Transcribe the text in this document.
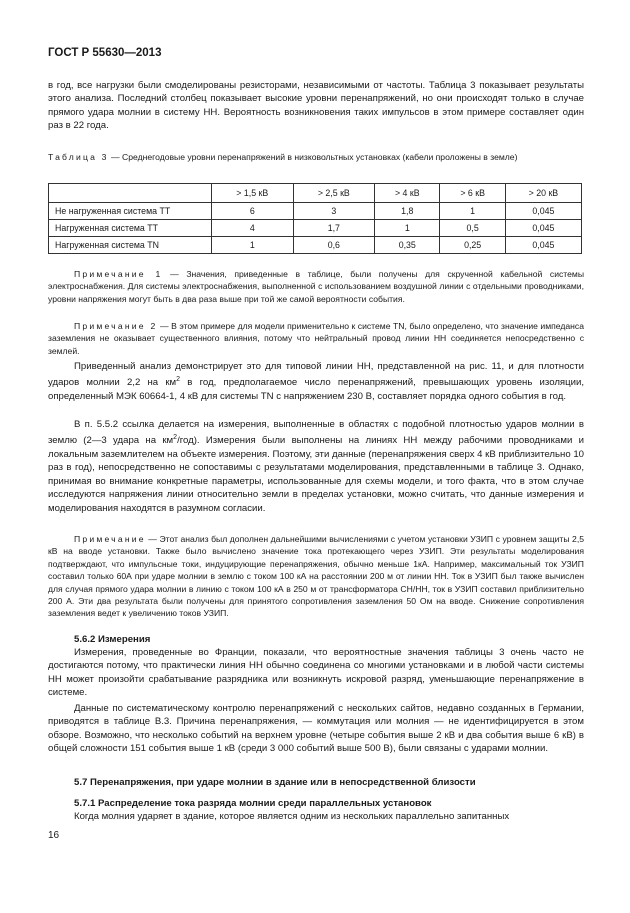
ГОСТ Р 55630—2013

в год, все нагрузки были смоделированы резисторами, независимыми от частоты. Таблица 3 показывает результаты этого анализа. Последний столбец показывает высокие уровни перенапряжений, но они происходят только в случае прямого удара молнии в систему НН. Вероятность возникновения таких импульсов в этом примере составляет один раз в 22 года.

Таблица 3 — Среднегодовые уровни перенапряжений в низковольтных установках (кабели проложены в земле)

	> 1,5 кВ	> 2,5 кВ	> 4 кВ	> 6 кВ	> 20 кВ
Не нагруженная система ТТ	6	3	1,8	1	0,045
Нагруженная система ТТ	4	1,7	1	0,5	0,045
Нагруженная система TN	1	0,6	0,35	0,25	0,045

Примечание 1 — Значения, приведенные в таблице, были получены для скрученной кабельной системы электроснабжения. Для системы электроснабжения, выполненной с использованием воздушной линии с отдельными проводниками, уровни напряжения могут быть в два раза выше при той же самой вероятности события.

Примечание 2 — В этом примере для модели применительно к системе TN, было определено, что значение импеданса заземления не оказывает существенного влияния, потому что нейтральный провод линии НН соединяется непосредственно с землей.

Приведенный анализ демонстрирует это для типовой линии НН, представленной на рис. 11, и для плотности ударов молнии 2,2 на $км^2$ в год, предполагаемое число перенапряжений, превышающих уровень изоляции, определенный МЭК 60664-1, 4 кВ для системы TN с напряжением 230 В, составляет порядка одного события в год.

В п. 5.5.2 ссылка делается на измерения, выполненные в областях с подобной плотностью ударов молнии в землю (2—3 удара на $км^2/год$). Измерения были выполнены на линиях НН между рабочими проводниками и локальным заземлителем на объекте измерения. Поэтому, эти данные (перенапряжения сверх 4 кВ приблизительно 10 раз в год), непосредственно не сопоставимы с результатами моделирования, представленными в таблице 3. Однако, принимая во внимание конкретные параметры, использованные для схемы модели, и того факта, что в этом случае исследуются напряжения линии относительно земли в пределах установки, можно считать, что данные измерения и моделирования находятся в разумном согласии.

Примечание — Этот анализ был дополнен дальнейшими вычислениями с учетом установки УЗИП с уровнем защиты 2,5 кВ на вводе установки. Также было вычислено значение тока протекающего через УЗИП. Эти результаты моделирования подтверждают, что импульсные токи, индуцирующие перенапряжения, обычно меньше 1кА. Например, максимальный ток УЗИП составил только 60А при ударе молнии в землю с током 100 кА на расстоянии 200 м от линии НН. Ток в УЗИП был также вычислен для случая прямого удара молнии в линию с током 100 кА в 250 м от трансформатора СН/НН, ток в УЗИП составил приблизительно 200 А. Эти два результата были получены для принятого сопротивления заземления 50 Ом на вводе. Снижение сопротивления заземления ведет к увеличению токов УЗИП.

5.6.2 Измерения

Измерения, проведенные во Франции, показали, что вероятностные значения таблицы 3 очень часто не достигаются потому, что практически линия НН обычно соединена со многими установками и в любой части системы НН может произойти срабатывание разрядника или возникнуть искровой разряд, уменьшающие перенапряжение в системе.

Данные по систематическому контролю перенапряжений с нескольких сайтов, недавно созданных в Германии, приводятся в таблице В.3. Причина перенапряжения, — коммутация или молния — не идентифицируется в этом обзоре. Возможно, что несколько событий на верхнем уровне (четыре события выше 2 кВ и два события выше 6 кВ) в общей сложности 151 события выше 1 кВ (среди 3 000 событий выше 500 В), были связаны с ударами молнии.

5.7 Перенапряжения, при ударе молнии в здание или в непосредственной близости

5.7.1 Распределение тока разряда молнии среди параллельных установок

Когда молния ударяет в здание, которое является одним из нескольких параллельно запитанных

16
